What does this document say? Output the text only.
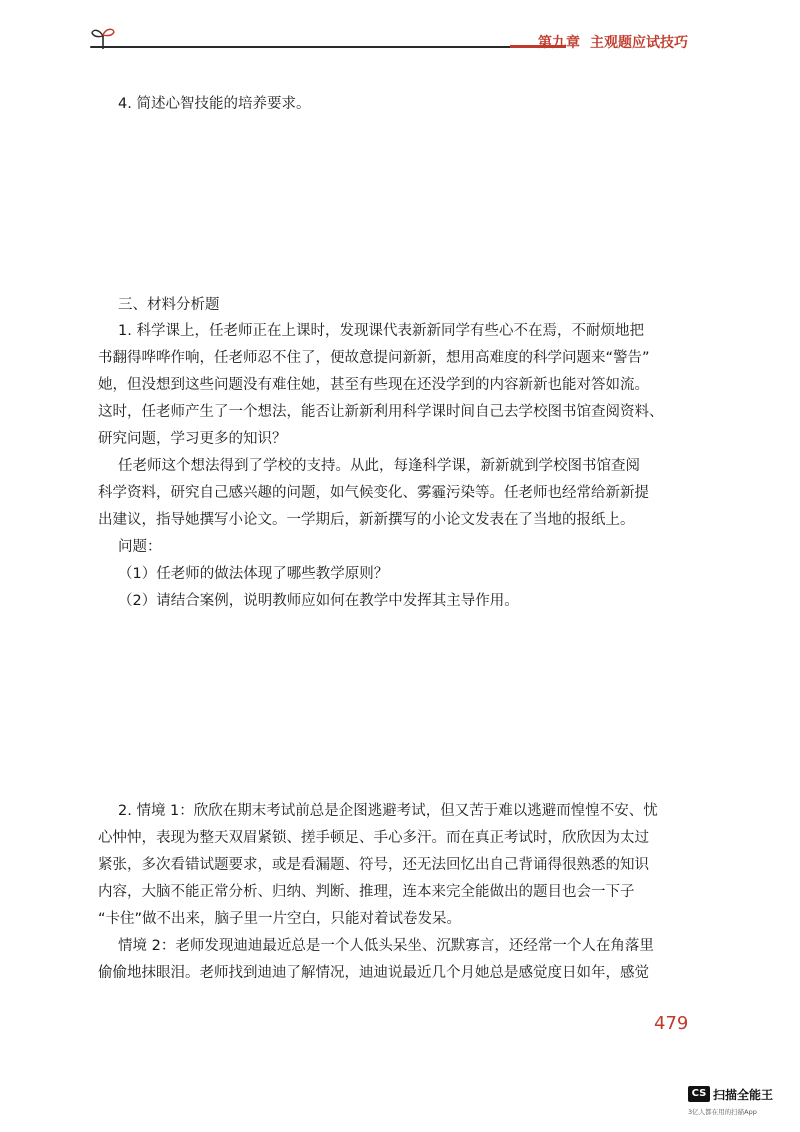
第九章 主观题应试技巧
4. 简述心智技能的培养要求。
三、材料分析题

1. 科学课上，任老师正在上课时，发现课代表新新同学有些心不在焉，不耐烦地把
书翻得哗哗作响，任老师忍不住了，便故意提问新新，想用高难度的科学问题来“警告”
她，但没想到这些问题没有难住她，甚至有些现在还没学到的内容新新也能对答如流。
这时，任老师产生了一个想法，能否让新新利用科学课时间自己去学校图书馆查阅资料、
研究问题，学习更多的知识？

任老师这个想法得到了学校的支持。从此，每逢科学课，新新就到学校图书馆查阅
科学资料，研究自己感兴趣的问题，如气候变化、雾霾污染等。任老师也经常给新新提
出建议，指导她撰写小论文。一学期后，新新撰写的小论文发表在了当地的报纸上。

问题：

（1）任老师的做法体现了哪些教学原则？

（2）请结合案例，说明教师应如何在教学中发挥其主导作用。

2. 情境 1：欣欣在期末考试前总是企图逃避考试，但又苦于难以逃避而惶惶不安、忧
心忡忡，表现为整天双眉紧锁、搓手顿足、手心多汗。而在真正考试时，欣欣因为太过
紧张，多次看错试题要求，或是看漏题、符号，还无法回忆出自己背诵得很熟悉的知识
内容，大脑不能正常分析、归纳、判断、推理，连本来完全能做出的题目也会一下子
“卡住”做不出来，脑子里一片空白，只能对着试卷发呆。

情境 2：老师发现迪迪最近总是一个人低头呆坐、沉默寡言，还经常一个人在角落里
偷偷地抹眼泪。老师找到迪迪了解情况，迪迪说最近几个月她总是感觉度日如年，感觉

479
CS 扫描全能王
3亿人都在用的扫描App
